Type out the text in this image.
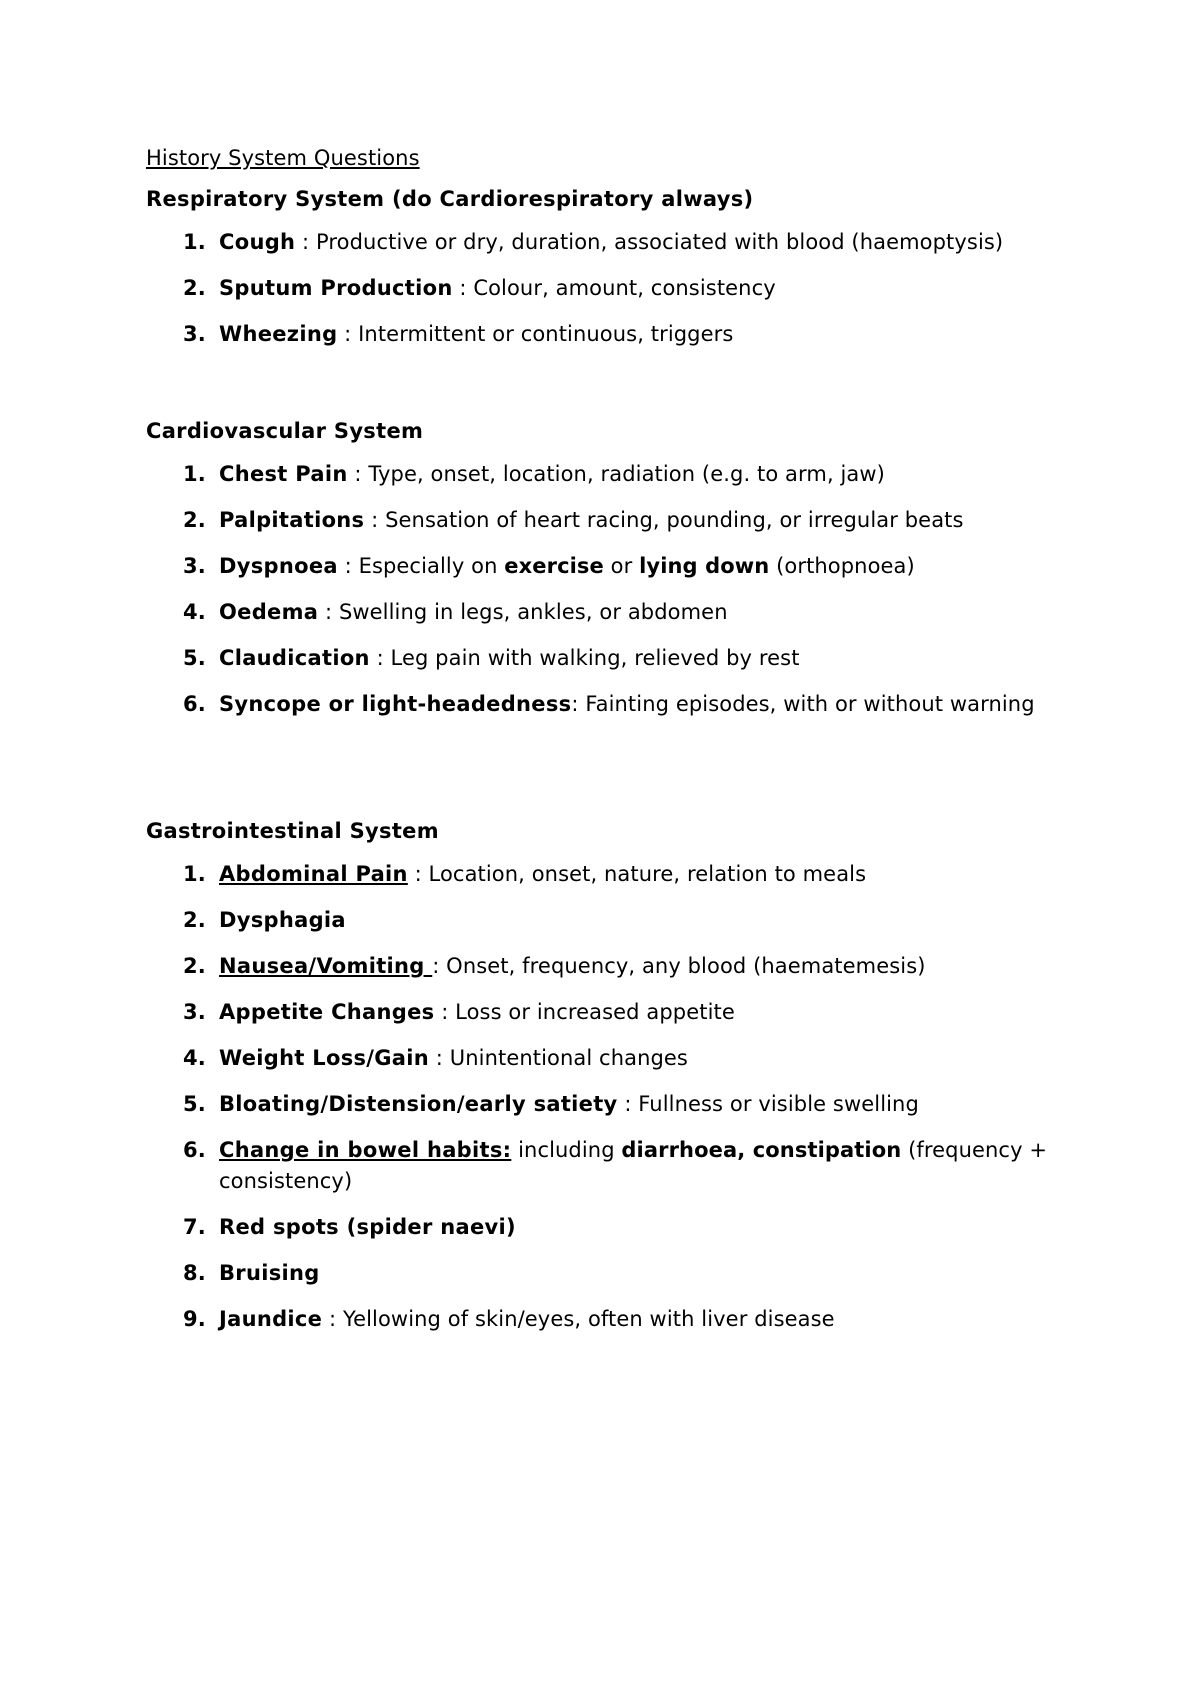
History System Questions
Respiratory System (do Cardiorespiratory always)
1. Cough : Productive or dry, duration, associated with blood (haemoptysis)
2. Sputum Production : Colour, amount, consistency
3. Wheezing : Intermittent or continuous, triggers
Cardiovascular System
1. Chest Pain : Type, onset, location, radiation (e.g. to arm, jaw)
2. Palpitations : Sensation of heart racing, pounding, or irregular beats
3. Dyspnoea : Especially on exercise or lying down (orthopnoea)
4. Oedema : Swelling in legs, ankles, or abdomen
5. Claudication : Leg pain with walking, relieved by rest
6. Syncope or light-headedness: Fainting episodes, with or without warning
Gastrointestinal System
1. Abdominal Pain : Location, onset, nature, relation to meals
2. Dysphagia
2. Nausea/Vomiting : Onset, frequency, any blood (haematemesis)
3. Appetite Changes : Loss or increased appetite
4. Weight Loss/Gain : Unintentional changes
5. Bloating/Distension/early satiety : Fullness or visible swelling
6. Change in bowel habits: including diarrhoea, constipation (frequency + consistency)
7. Red spots (spider naevi)
8. Bruising
9. Jaundice : Yellowing of skin/eyes, often with liver disease
